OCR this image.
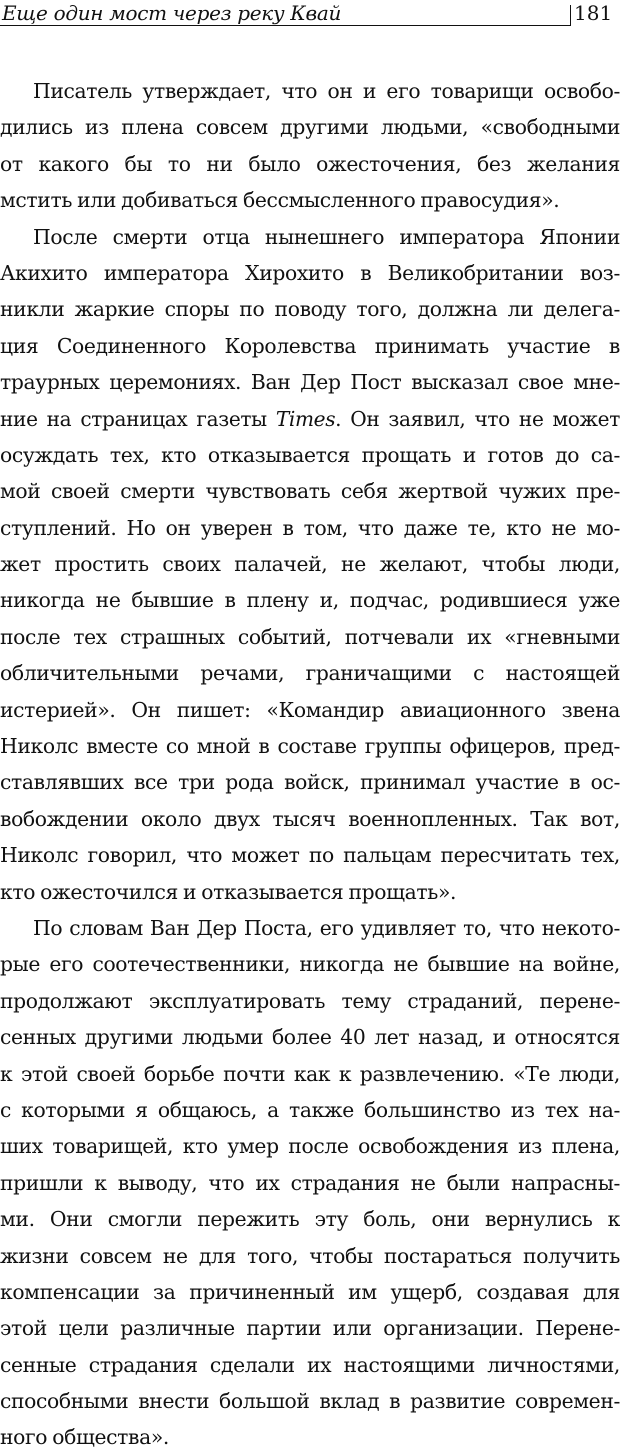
Еще один мост через реку Квай	181
Писатель утверждает, что он и его товарищи освобо-
дились из плена совсем другими людьми, «свободными
от какого бы то ни было ожесточения, без желания
мстить или добиваться бессмысленного правосудия».
После смерти отца нынешнего императора Японии
Акихито императора Хирохито в Великобритании воз-
никли жаркие споры по поводу того, должна ли делега-
ция Соединенного Королевства принимать участие в
траурных церемониях. Ван Дер Пост высказал свое мне-
ние на страницах газеты Times. Он заявил, что не может
осуждать тех, кто отказывается прощать и готов до са-
мой своей смерти чувствовать себя жертвой чужих пре-
ступлений. Но он уверен в том, что даже те, кто не мо-
жет простить своих палачей, не желают, чтобы люди,
никогда не бывшие в плену и, подчас, родившиеся уже
после тех страшных событий, потчевали их «гневными
обличительными речами, граничащими с настоящей
истерией». Он пишет: «Командир авиационного звена
Николс вместе со мной в составе группы офицеров, пред-
ставлявших все три рода войск, принимал участие в ос-
вобождении около двух тысяч военнопленных. Так вот,
Николс говорил, что может по пальцам пересчитать тех,
кто ожесточился и отказывается прощать».
По словам Ван Дер Поста, его удивляет то, что некото-
рые его соотечественники, никогда не бывшие на войне,
продолжают эксплуатировать тему страданий, перене-
сенных другими людьми более 40 лет назад, и относятся
к этой своей борьбе почти как к развлечению. «Те люди,
с которыми я общаюсь, а также большинство из тех на-
ших товарищей, кто умер после освобождения из плена,
пришли к выводу, что их страдания не были напрасны-
ми. Они смогли пережить эту боль, они вернулись к
жизни совсем не для того, чтобы постараться получить
компенсации за причиненный им ущерб, создавая для
этой цели различные партии или организации. Перене-
сенные страдания сделали их настоящими личностями,
способными внести большой вклад в развитие современ-
ного общества».
